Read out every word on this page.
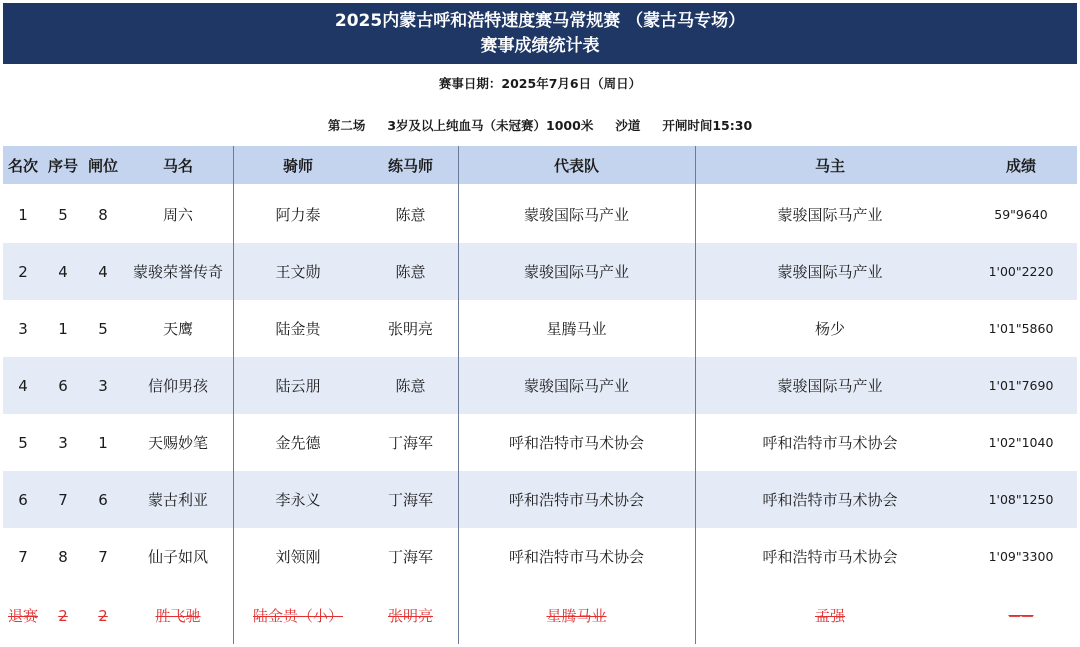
2025内蒙古呼和浩特速度赛马常规赛 （蒙古马专场）
赛事成绩统计表
赛事日期：2025年7月6日（周日）
第二场 3岁及以上纯血马（未冠赛）1000米 沙道 开闸时间15:30
名次 序号 闸位	马名	骑师	练马师	代表队	马主	成绩
1	5	8	周六	阿力泰	陈意	蒙骏国际马产业	蒙骏国际马产业	59"9640
2	4	4	蒙骏荣誉传奇	王文勋	陈意	蒙骏国际马产业	蒙骏国际马产业	1'00"2220
3	1	5	天鹰	陆金贵	张明亮	星腾马业	杨少	1'01"5860
4	6	3	信仰男孩	陆云朋	陈意	蒙骏国际马产业	蒙骏国际马产业	1'01"7690
5	3	1	天赐妙笔	金先德	丁海军	呼和浩特市马术协会	呼和浩特市马术协会	1'02"1040
6	7	6	蒙古利亚	李永义	丁海军	呼和浩特市马术协会	呼和浩特市马术协会	1'08"1250
7	8	7	仙子如风	刘领刚	丁海军	呼和浩特市马术协会	呼和浩特市马术协会	1'09"3300
退赛	2	2	胜飞驰	陆金贵（小）	张明亮	星腾马业	孟强	——
